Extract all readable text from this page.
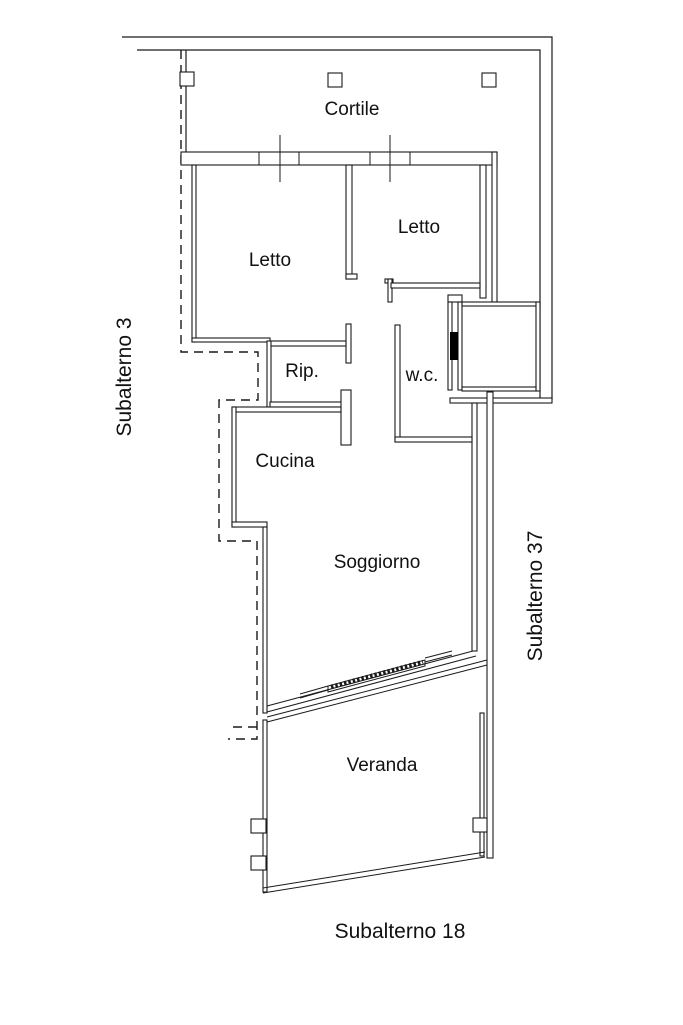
Cortile
Letto
Letto
Rip.	w.c.
Cucina
Soggiorno
Veranda
Subalterno 3
Subalterno 37
Subalterno 18
